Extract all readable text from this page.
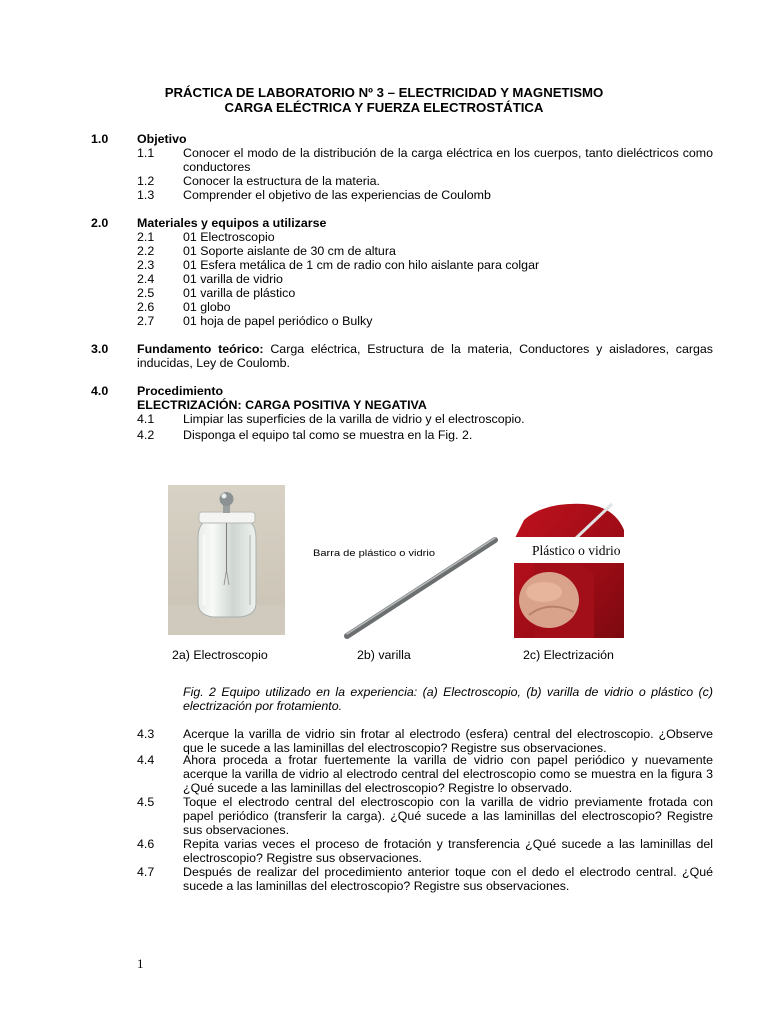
PRÁCTICA DE LABORATORIO Nº 3 – ELECTRICIDAD Y MAGNETISMO
CARGA ELÉCTRICA Y FUERZA ELECTROSTÁTICA
1.0 Objetivo
1.1 Conocer el modo de la distribución de la carga eléctrica en los cuerpos, tanto dieléctricos como conductores
1.2 Conocer la estructura de la materia.
1.3 Comprender el objetivo de las experiencias de Coulomb
2.0 Materiales y equipos a utilizarse
2.1 01 Electroscopio
2.2 01 Soporte aislante de 30 cm de altura
2.3 01 Esfera metálica de 1 cm de radio con hilo aislante para colgar
2.4 01 varilla de vidrio
2.5 01 varilla de plástico
2.6 01 globo
2.7 01 hoja de papel periódico o Bulky
3.0 Fundamento teórico: Carga eléctrica, Estructura de la materia, Conductores y aisladores, cargas
inducidas, Ley de Coulomb.
4.0 Procedimiento
ELECTRIZACIÓN: CARGA POSITIVA Y NEGATIVA
4.1 Limpiar las superficies de la varilla de vidrio y el electroscopio.
4.2 Disponga el equipo tal como se muestra en la Fig. 2.
2a) Electroscopio
Barra de plástico o vidrio
2b) varilla
Plástico o vidrio
2c) Electrización
Fig. 2 Equipo utilizado en la experiencia: (a) Electroscopio, (b) varilla de vidrio o plástico (c) electrización por frotamiento.
4.3 Acerque la varilla de vidrio sin frotar al electrodo (esfera) central del electroscopio. ¿Observe que le sucede a las laminillas del electroscopio? Registre sus observaciones.
4.4 Ahora proceda a frotar fuertemente la varilla de vidrio con papel periódico y nuevamente acerque la varilla de vidrio al electrodo central del electroscopio como se muestra en la figura 3 ¿Qué sucede a las laminillas del electroscopio? Registre lo observado.
4.5 Toque el electrodo central del electroscopio con la varilla de vidrio previamente frotada con papel periódico (transferir la carga). ¿Qué sucede a las laminillas del electroscopio? Registre sus observaciones.
4.6 Repita varias veces el proceso de frotación y transferencia ¿Qué sucede a las laminillas del electroscopio? Registre sus observaciones.
4.7 Después de realizar del procedimiento anterior toque con el dedo el electrodo central. ¿Qué sucede a las laminillas del electroscopio? Registre sus observaciones.
1
